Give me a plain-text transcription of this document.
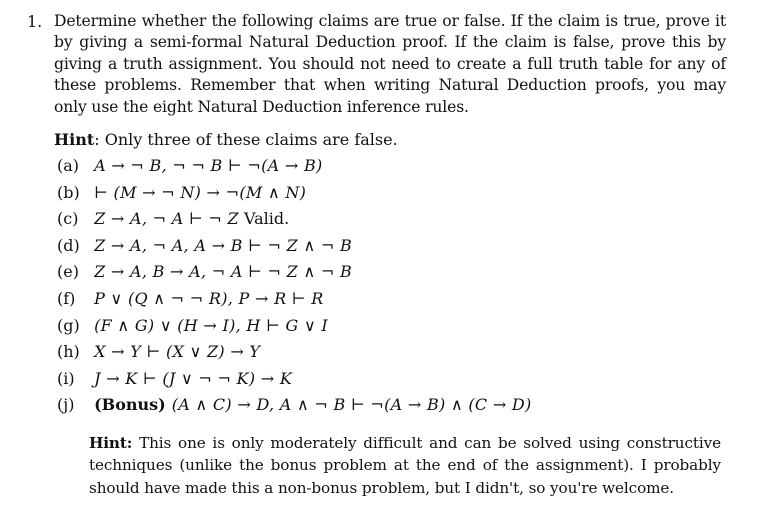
1. Determine whether the following claims are true or false. If the claim is true, prove it by giving a semi-formal Natural Deduction proof. If the claim is false, prove this by giving a truth assignment. You should not need to create a full truth table for any of these problems. Remember that when writing Natural Deduction proofs, you may only use the eight Natural Deduction inference rules.
Hint: Only three of these claims are false.
(a) A → ¬ B, ¬ ¬ B ⊢ ¬(A → B)
(b) ⊢ (M → ¬ N) → ¬(M ∧ N)
(c) Z → A, ¬ A ⊢ ¬ Z Valid.
(d) Z → A, ¬ A, A → B ⊢ ¬ Z ∧ ¬ B
(e) Z → A, B → A, ¬ A ⊢ ¬ Z ∧ ¬ B
(f) P ∨ (Q ∧ ¬ ¬ R), P → R ⊢ R
(g) (F ∧ G) ∨ (H → I), H ⊢ G ∨ I
(h) X → Y ⊢ (X ∨ Z) → Y
(i) J → K ⊢ (J ∨ ¬ ¬ K) → K
(j) (Bonus) (A ∧ C) → D, A ∧ ¬ B ⊢ ¬(A → B) ∧ (C → D)
Hint: This one is only moderately difficult and can be solved using constructive techniques (unlike the bonus problem at the end of the assignment). I probably should have made this a non-bonus problem, but I didn't, so you're welcome.
